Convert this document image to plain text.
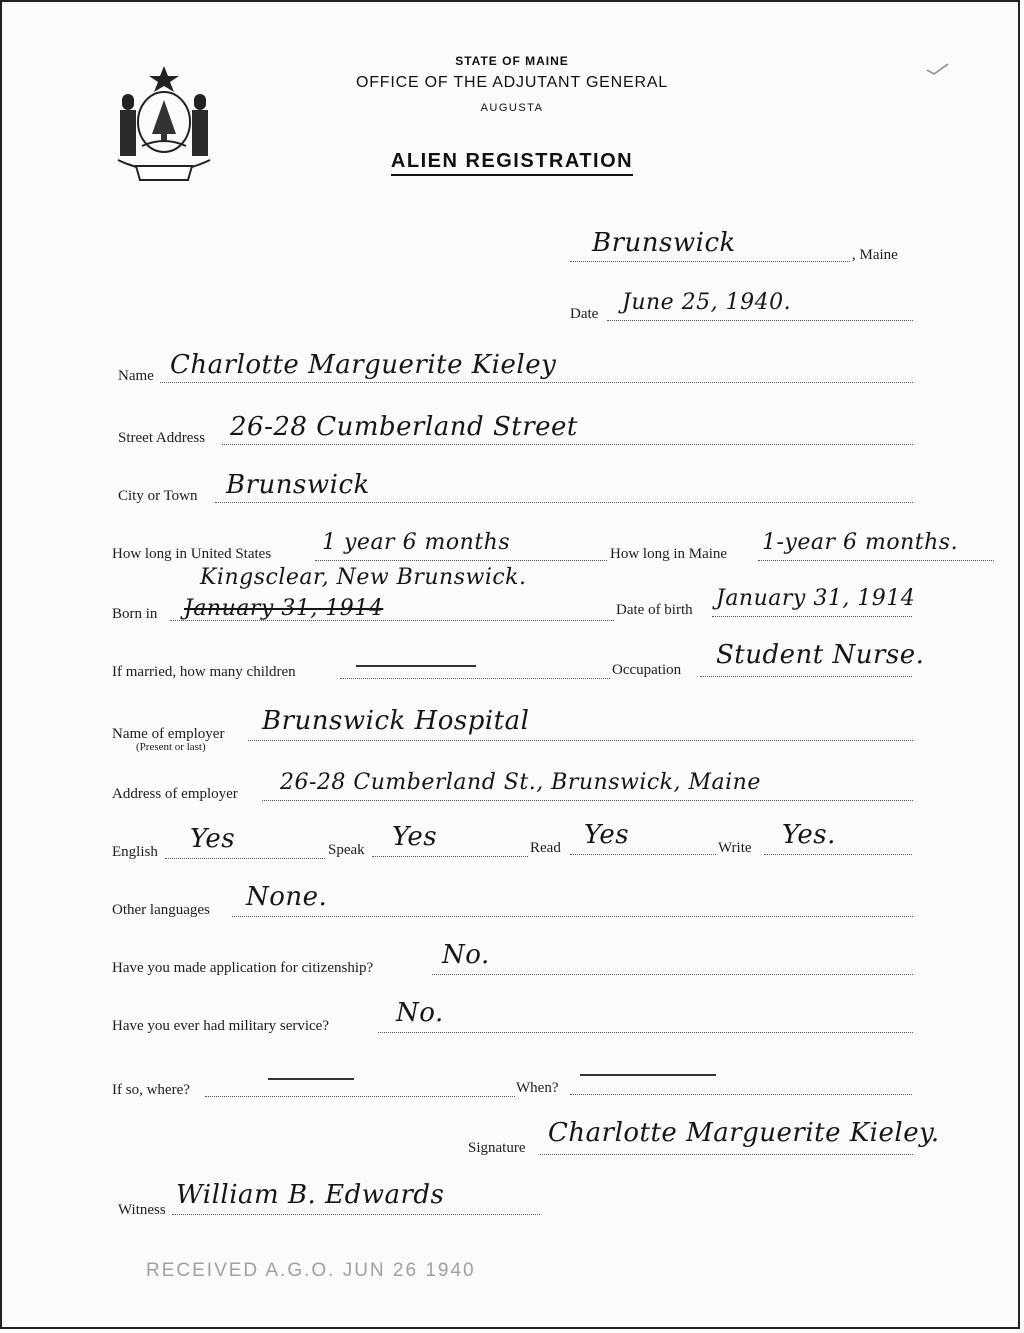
STATE OF MAINE
OFFICE OF THE ADJUTANT GENERAL
AUGUSTA
ALIEN REGISTRATION
Brunswick	, Maine
Date June 25, 1940.
Name Charlotte Marguerite Kieley
Street Address 26-28 Cumberland Street
City or Town Brunswick
How long in United States 1 year 6 months	How long in Maine 1-year 6 months.
Kingsclear, New Brunswick.
Born in January 31, 1914	Date of birth January 31, 1914
If married, how many children	Occupation Student Nurse.
Name of employer
(Present or last)
Brunswick Hospital
Address of employer 26-28 Cumberland St., Brunswick, Maine
English Yes	Speak Yes	Read Yes	Write Yes.
Other languages None.
Have you made application for citizenship?	No.
Have you ever had military service?	No.
If so, where?	When?
Signature Charlotte Marguerite Kieley.
Witness William B. Edwards
RECEIVED A.G.O. JUN 26 1940
